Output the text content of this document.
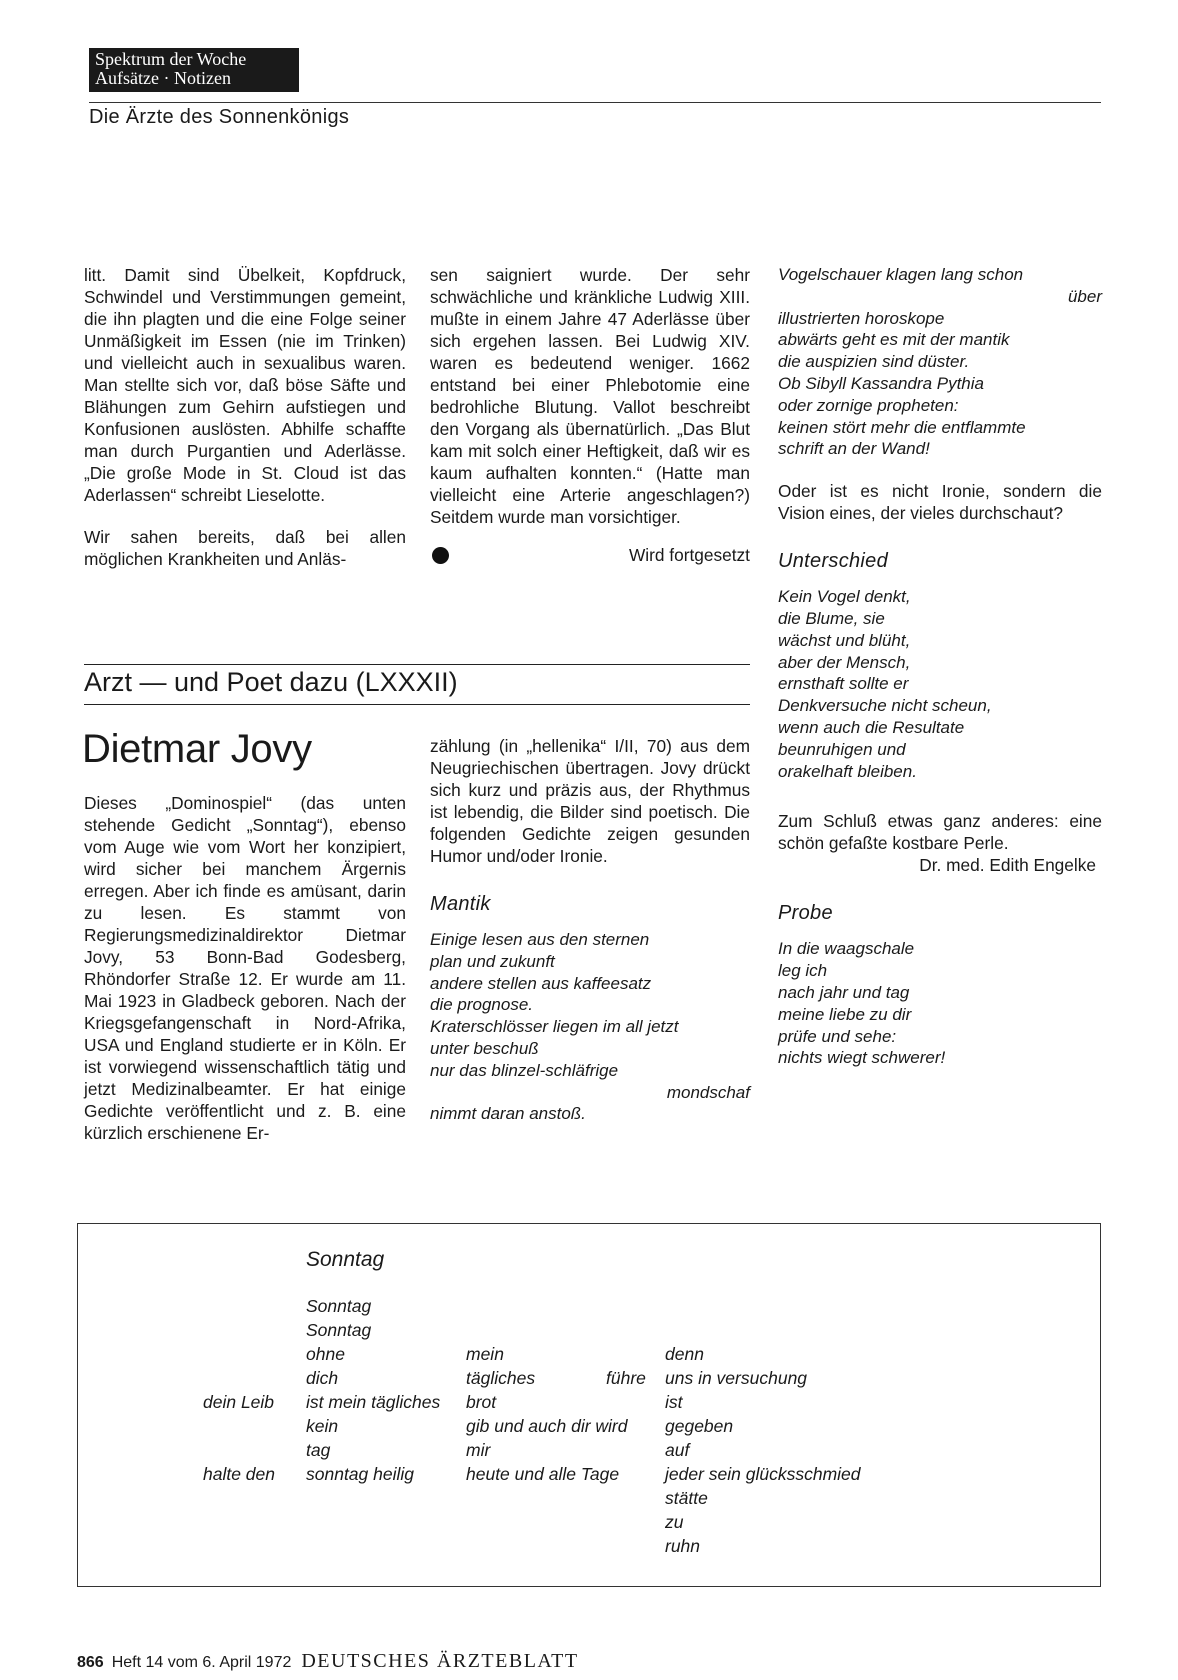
Spektrum der Woche
Aufsätze · Notizen
Die Ärzte des Sonnenkönigs

litt. Damit sind Übelkeit, Kopfdruck, Schwindel und Verstimmungen gemeint, die ihn plagten und die eine Folge seiner Unmäßigkeit im Essen (nie im Trinken) und vielleicht auch in sexualibus waren. Man stellte sich vor, daß böse Säfte und Blähungen zum Gehirn aufstiegen und Konfusionen auslösten. Abhilfe schaffte man durch Purgantien und Aderlässe. „Die große Mode in St. Cloud ist das Aderlassen“ schreibt Lieselotte.

Wir sahen bereits, daß bei allen möglichen Krankheiten und Anläs-

sen saigniert wurde. Der sehr schwächliche und kränkliche Ludwig XIII. mußte in einem Jahre 47 Aderlässe über sich ergehen lassen. Bei Ludwig XIV. waren es bedeutend weniger. 1662 entstand bei einer Phlebotomie eine bedrohliche Blutung. Vallot beschreibt den Vorgang als übernatürlich. „Das Blut kam mit solch einer Heftigkeit, daß wir es kaum aufhalten konnten.“ (Hatte man vielleicht eine Arterie angeschlagen?) Seitdem wurde man vorsichtiger.

Wird fortgesetzt
Vogelschauer klagen lang schon
über
illustrierten horoskope
abwärts geht es mit der mantik
die auspizien sind düster.
Ob Sibyll Kassandra Pythia
oder zornige propheten:
keinen stört mehr die entflammte
schrift an der Wand!

Oder ist es nicht Ironie, sondern die Vision eines, der vieles durchschaut?

Unterschied
Kein Vogel denkt,
die Blume, sie
wächst und blüht,
aber der Mensch,
ernsthaft sollte er
Denkversuche nicht scheun,
wenn auch die Resultate
beunruhigen und
orakelhaft bleiben.

Zum Schluß etwas ganz anderes: eine schön gefaßte kostbare Perle.

Dr. med. Edith Engelke
Probe
In die waagschale
leg ich
nach jahr und tag
meine liebe zu dir
prüfe und sehe:
nichts wiegt schwerer!
Arzt — und Poet dazu (LXXXII)
Dietmar Jovy

Dieses „Dominospiel“ (das unten stehende Gedicht „Sonntag“), ebenso vom Auge wie vom Wort her konzipiert, wird sicher bei manchem Ärgernis erregen. Aber ich finde es amüsant, darin zu lesen. Es stammt von Regierungsmedizinaldirektor Dietmar Jovy, 53 Bonn-Bad Godesberg, Rhöndorfer Straße 12. Er wurde am 11. Mai 1923 in Gladbeck geboren. Nach der Kriegsgefangenschaft in Nord-Afrika, USA und England studierte er in Köln. Er ist vorwiegend wissenschaftlich tätig und jetzt Medizinalbeamter. Er hat einige Gedichte veröffentlicht und z. B. eine kürzlich erschienene Er-

zählung (in „hellenika“ I/II, 70) aus dem Neugriechischen übertragen. Jovy drückt sich kurz und präzis aus, der Rhythmus ist lebendig, die Bilder sind poetisch. Die folgenden Gedichte zeigen gesunden Humor und/oder Ironie.

Mantik
Einige lesen aus den sternen
plan und zukunft
andere stellen aus kaffeesatz
die prognose.
Kraterschlösser liegen im all jetzt
unter beschuß
nur das blinzel-schläfrige
mondschaf
nimmt daran anstoß.
Sonntag
Sonntag
Sonntag
ohne
dich
dein Leib ist mein tägliches
kein
tag
halte den sonntag heilig
mein
tägliches
brot
gib und auch dir wird
mir
heute und alle Tage
führe
denn
uns in versuchung
ist
gegeben
auf
jeder sein glücksschmied
stätte
zu
ruhn
866 Heft 14 vom 6. April 1972 DEUTSCHES ÄRZTEBLATT
